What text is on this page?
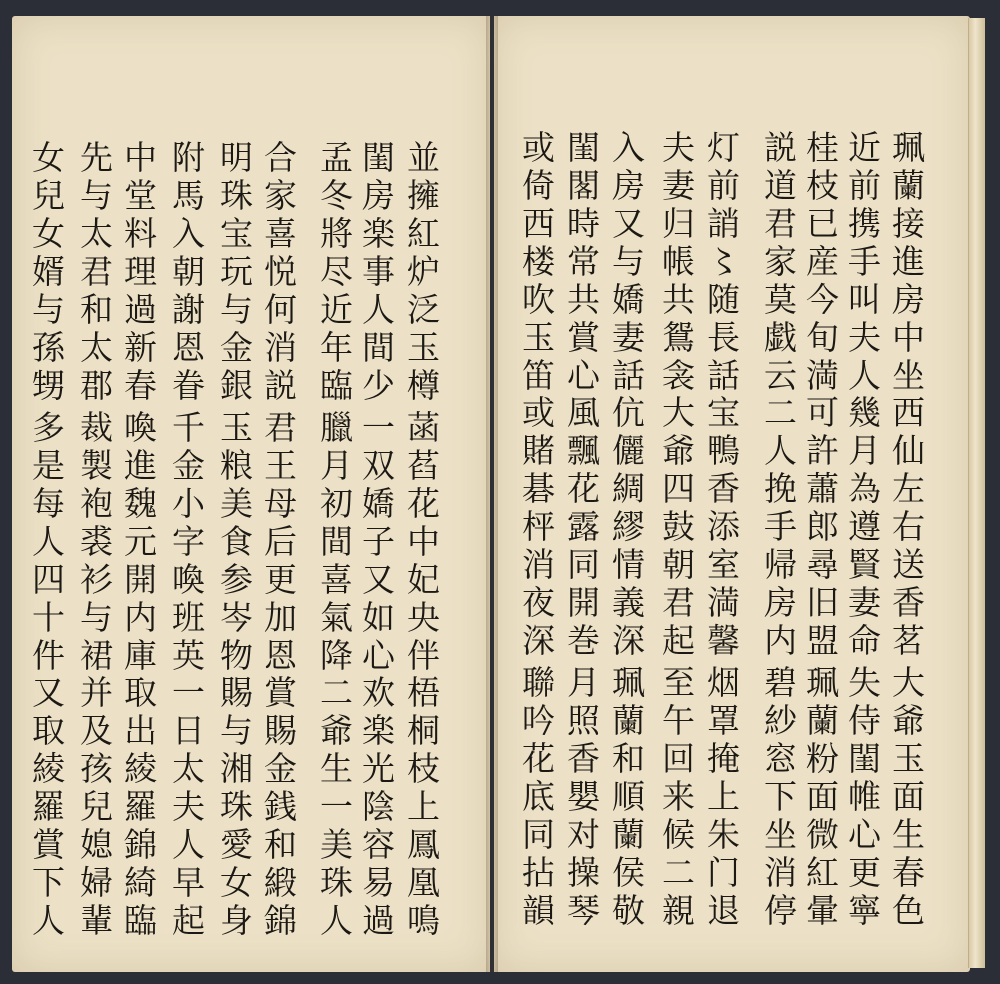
珮蘭接進房中坐
近前携手叫夫人
桂枝已産今旬満
説道君家莫戯云
灯前誚〻随長話
夫妻归帳共鴛衾
入房又与嬌妻話
閨閣時常共賞心
或倚西楼吹玉笛
西仙左右送香茗
幾月為遵賢妻命
可許蕭郎尋旧盟
二人挽手帰房内
宝鴨香添室満馨
大爺四鼓朝君起
伉儷綢繆情義深
風飄花露同開巻
或賭碁枰消夜深
大爺玉面生春色
失侍閨帷心更寧
珮蘭粉面微紅暈
碧紗窓下坐消停
烟罩掩上朱门退
至午回来候二親
珮蘭和順蘭侯敬
月照香嬰对操琴
聯吟花底同拈韻
並擁紅炉泛玉樽
閨房楽事人間少
孟冬將尽近年臨
合家喜悦何消説
明珠宝玩与金銀
附馬入朝謝恩眷
中堂料理過新春
先与太君和太郡
女兒女婿与孫甥
菡萏花中妃央伴
一双嬌子又如心
臘月初間喜氣降
君王母后更加恩
玉粮美食参岑物
千金小字喚班英
喚進魏元開内庫
裁製袍裘衫与裙
多是每人四十件
梧桐枝上鳳凰鳴
欢楽光陰容易過
二爺生一美珠人
賞賜金銭和緞錦
賜与湘珠愛女身
一日太夫人早起
取出綾羅錦綺臨
并及孩兒媳婦輩
又取綾羅賞下人
